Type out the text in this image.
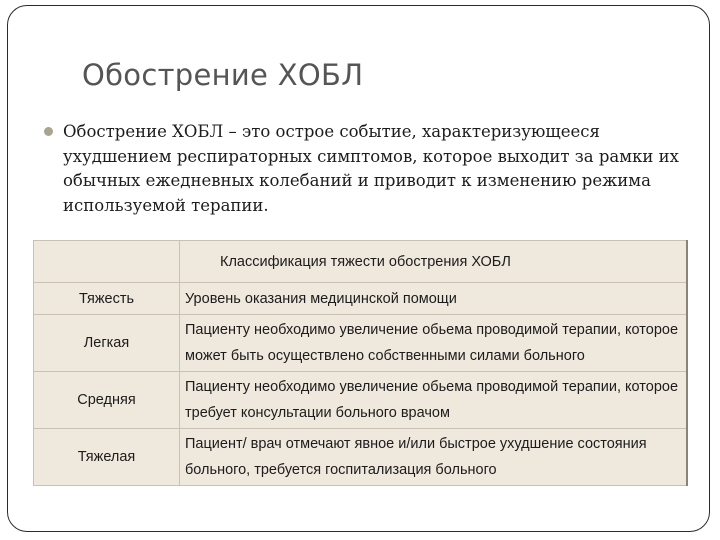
Обострение ХОБЛ
Обострение ХОБЛ – это острое событие, характеризующееся ухудшением респираторных симптомов, которое выходит за рамки их обычных ежедневных колебаний и приводит к изменению режима используемой терапии.
	Классификация тяжести обострения ХОБЛ
Тяжесть	Уровень оказания медицинской помощи
Легкая	Пациенту необходимо увеличение обьема проводимой терапии, которое может быть осуществлено собственными силами больного
Средняя	Пациенту необходимо увеличение обьема проводимой терапии, которое требует консультации больного врачом
Тяжелая	Пациент/ врач отмечают явное и/или быстрое ухудшение состояния больного, требуется госпитализация больного
